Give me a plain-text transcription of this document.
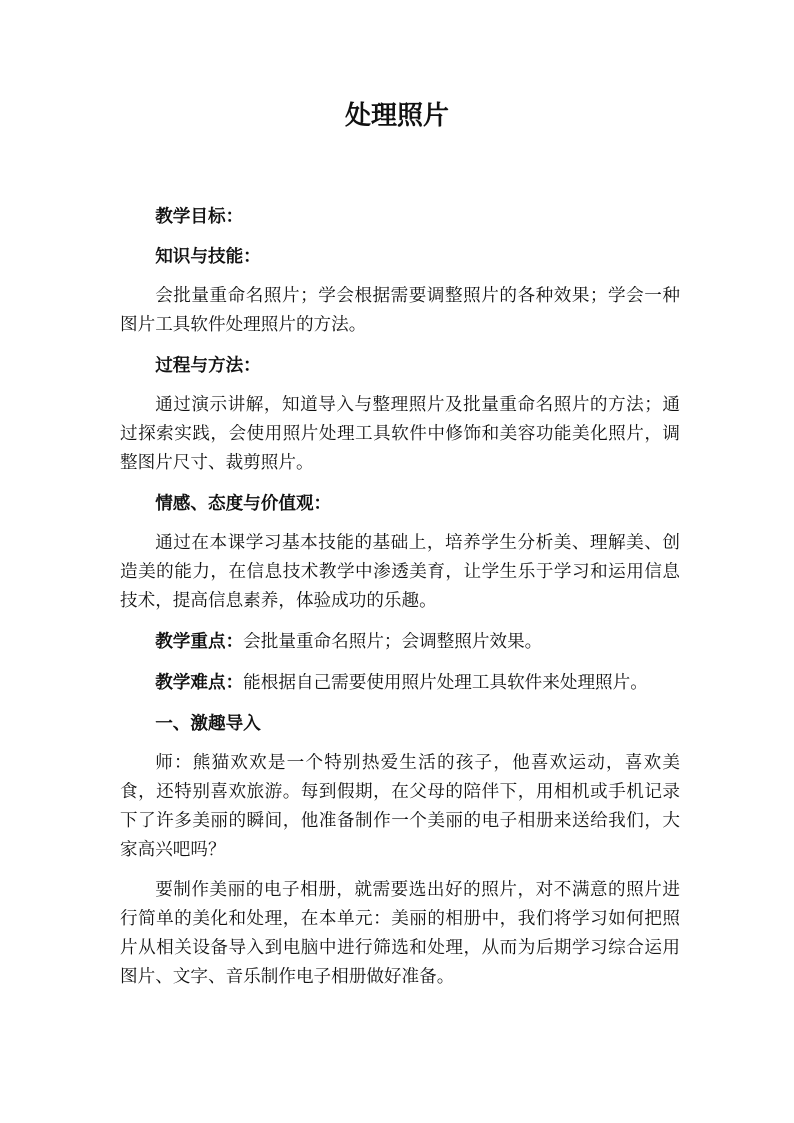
处理照片

教学目标：

知识与技能：

会批量重命名照片；学会根据需要调整照片的各种效果；学会一种图片工具软件处理照片的方法。

过程与方法：

通过演示讲解，知道导入与整理照片及批量重命名照片的方法；通过探索实践，会使用照片处理工具软件中修饰和美容功能美化照片，调整图片尺寸、裁剪照片。

情感、态度与价值观：

通过在本课学习基本技能的基础上，培养学生分析美、理解美、创造美的能力，在信息技术教学中渗透美育，让学生乐于学习和运用信息技术，提高信息素养，体验成功的乐趣。

教学重点：会批量重命名照片；会调整照片效果。

教学难点：能根据自己需要使用照片处理工具软件来处理照片。

一、激趣导入

师：熊猫欢欢是一个特别热爱生活的孩子，他喜欢运动，喜欢美食，还特别喜欢旅游。每到假期，在父母的陪伴下，用相机或手机记录下了许多美丽的瞬间，他准备制作一个美丽的电子相册来送给我们，大家高兴吧吗？

要制作美丽的电子相册，就需要选出好的照片，对不满意的照片进行简单的美化和处理，在本单元：美丽的相册中，我们将学习如何把照片从相关设备导入到电脑中进行筛选和处理，从而为后期学习综合运用图片、文字、音乐制作电子相册做好准备。
